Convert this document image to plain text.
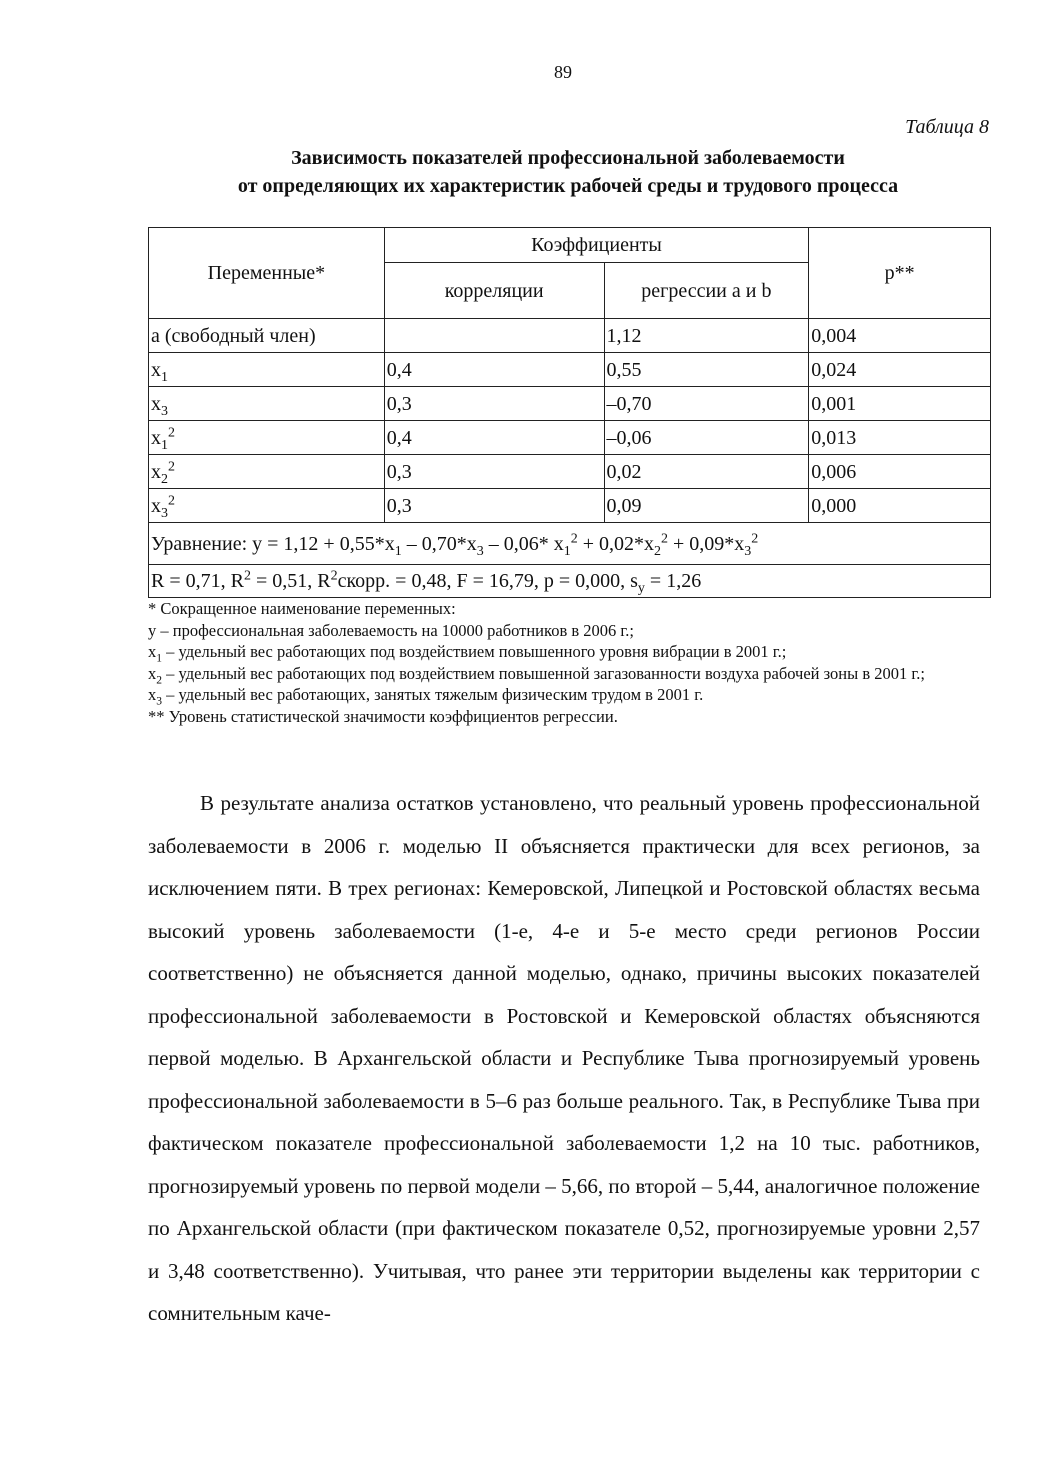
89
Таблица 8
Зависимость показателей профессиональной заболеваемости
от определяющих их характеристик рабочей среды и трудового процесса
Переменные*	Коэффициенты		p**
	корреляции	регрессии a и b	
a (свободный член)		1,12	0,004
$x_1$	0,4	0,55	0,024
$x_3$	0,3	–0,70	0,001
$x_1^2$	0,4	–0,06	0,013
$x_2^2$	0,3	0,02	0,006
$x_3^2$	0,3	0,09	0,000
Уравнение: $y = 1,12 + 0,55*x_1 - 0,70*x_3 - 0,06*$ $x_1^2 + 0,02*x_2^2 + 0,09*x_3^2$
R = 0,71, $R^2 = 0,51$, $R^2скорр$. = 0,48, F = 16,79, p = 0,000, $s_y = 1,26$			

* Сокращенное наименование переменных:

y – профессиональная заболеваемость на 10000 работников в 2006 г.;

$x_1$ – удельный вес работающих под воздействием повышенного уровня вибрации в 2001 г.;

$x_2$ – удельный вес работающих под воздействием повышенной загазованности воздуха рабочей зоны в 2001 г.;

$x_3$ – удельный вес работающих, занятых тяжелым физическим трудом в 2001 г.

** Уровень статистической значимости коэффициентов регрессии.

В результате анализа остатков установлено, что реальный уровень профессиональной заболеваемости в 2006 г. моделью II объясняется практически для всех регионов, за исключением пяти. В трех регионах: Кемеровской, Липецкой и Ростовской областях весьма высокий уровень заболеваемости (1-е, 4-е и 5-е место среди регионов России соответственно) не объясняется данной моделью, однако, причины высоких показателей профессиональной заболеваемости в Ростовской и Кемеровской областях объясняются первой моделью. В Архангельской области и Республике Тыва прогнозируемый уровень профессиональной заболеваемости в 5–6 раз больше реального. Так, в Республике Тыва при фактическом показателе профессиональной заболеваемости 1,2 на 10 тыс. работников, прогнозируемый уровень по первой модели – 5,66, по второй – 5,44, аналогичное положение по Архангельской области (при фактическом показателе 0,52, прогнозируемые уровни 2,57 и 3,48 соответственно). Учитывая, что ранее эти территории выделены как территории с сомнительным каче-
